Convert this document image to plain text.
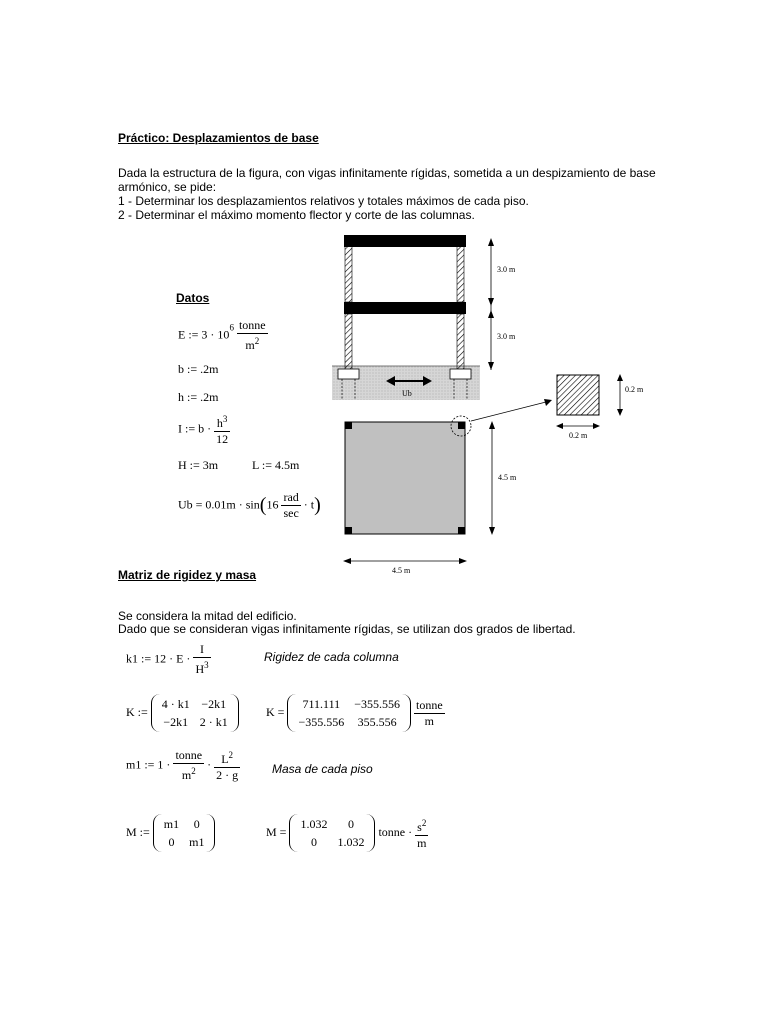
Práctico: Desplazamientos de base
Dada la estructura de la figura, con vigas infinitamente rígidas, sometida a un despizamiento de base
armónico, se pide:
1 - Determinar los desplazamientos relativos y totales máximos de cada piso.
2 - Determinar el máximo momento flector y corte de las columnas.
Datos
E := $3 \cdot 10^6 \frac{\text{tonne}}{m^2}$
b := .2m
h := .2m
I := $b \cdot \frac{h^3}{12}$
H := 3m	L := 4.5m
$Ub = 0.01m \cdot \sin(16 \frac{\text{rad}}{\sec} \cdot t)$
Ub
3.0 m
3.0 m
4.5 m
4.5 m
0.2 m
0.2 m
Matriz de rigidez y masa
Se considera la mitad del edificio.
Dado que se consideran vigas infinitamente rígidas, se utilizan dos grados de libertad.
k1 := $12 \cdot E \cdot \frac{I}{H^3}$	Rigidez de cada columna
K :=
4 · k1	−2k1
−2k1	2 · k1
K =
711.111	−355.556
−355.556	355.556
$\frac{\text{tonne}}{m}$
m1 := $1 \cdot \frac{\text{tonne}}{m^2} \cdot \frac{L^2}{2 \cdot g}$	Masa de cada piso
M :=
m1	0
0	m1
M =
1.032	0
0	1.032
tonne · $\frac{s^2}{m}$
